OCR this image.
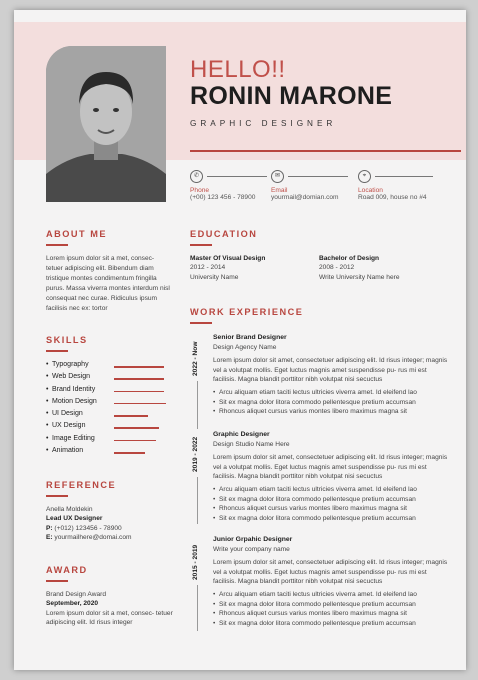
HELLO!!
RONIN MARONE
GRAPHIC DESIGNER
✆
Phone
(+00) 123 456 - 78900
✉
Email
yourmail@domian.com
⌖
Location
Road 009, house no #4
ABOUT ME
Lorem ipsum dolor sit a met, consec- tetuer adipiscing elit. Bibendum diam tristique montes condimentum fringilla purus. Massa viverra montes interdum nisl consequat nec curae. Ridiculus ipsum facilisis nec ex: tortor
SKILLS
• Typography
• Web Design
• Brand Identity
• Motion Design
• UI Design
• UX Design
• Image Editing
• Animation
REFERENCE
Anella Moldekin
Lead UX Designer
P: (+012) 123456 - 78900
E: yourmailhere@domai.com
AWARD
Brand Design Award
September, 2020
Lorem ipsum dolor sit a met, consec- tetuer adipiscing elit. Id risus integer
EDUCATION
Master Of Visual Design
2012 - 2014
University Name
Bachelor of Design
2008 - 2012
Write University Name here
WORK EXPERIENCE
2022 - Now
Senior Brand Designer
Design Agency Name
Lorem ipsum dolor sit amet, consectetuer adipiscing elit. Id risus integer; magnis vel a volutpat mollis. Eget luctus magnis amet suspendisse pu- rus mi est facilisis. Magna blandit porttitor nibh volutpat nisi secuctus
• Arcu aliquam etiam taciti lectus ultricies viverra amet. Id eleifend lao
• Sit ex magna dolor litora commodo pellentesque pretium accumsan
• Rhoncus aliquet cursus varius montes libero maximus magna sit
2019 - 2022
Graphic Designer
Design Studio Name Here
Lorem ipsum dolor sit amet, consectetuer adipiscing elit. Id risus integer; magnis vel a volutpat mollis. Eget luctus magnis amet suspendisse pu- rus mi est facilisis. Magna blandit porttitor nibh volutpat nisi secuctus
• Arcu aliquam etiam taciti lectus ultricies viverra amet. Id eleifend lao
• Sit ex magna dolor litora commodo pellentesque pretium accumsan
• Rhoncus aliquet cursus varius montes libero maximus magna sit
• Sit ex magna dolor litora commodo pellentesque pretium accumsan
2015 - 2019
Junior Grpahic Designer
Write your company name
Lorem ipsum dolor sit amet, consectetuer adipiscing elit. Id risus integer; magnis vel a volutpat mollis. Eget luctus magnis amet suspendisse pu- rus mi est facilisis. Magna blandit porttitor nibh volutpat nisi secuctus
• Arcu aliquam etiam taciti lectus ultricies viverra amet. Id eleifend lao
• Sit ex magna dolor litora commodo pellentesque pretium accumsan
• Rhoncus aliquet cursus varius montes libero maximus magna sit
• Sit ex magna dolor litora commodo pellentesque pretium accumsan
